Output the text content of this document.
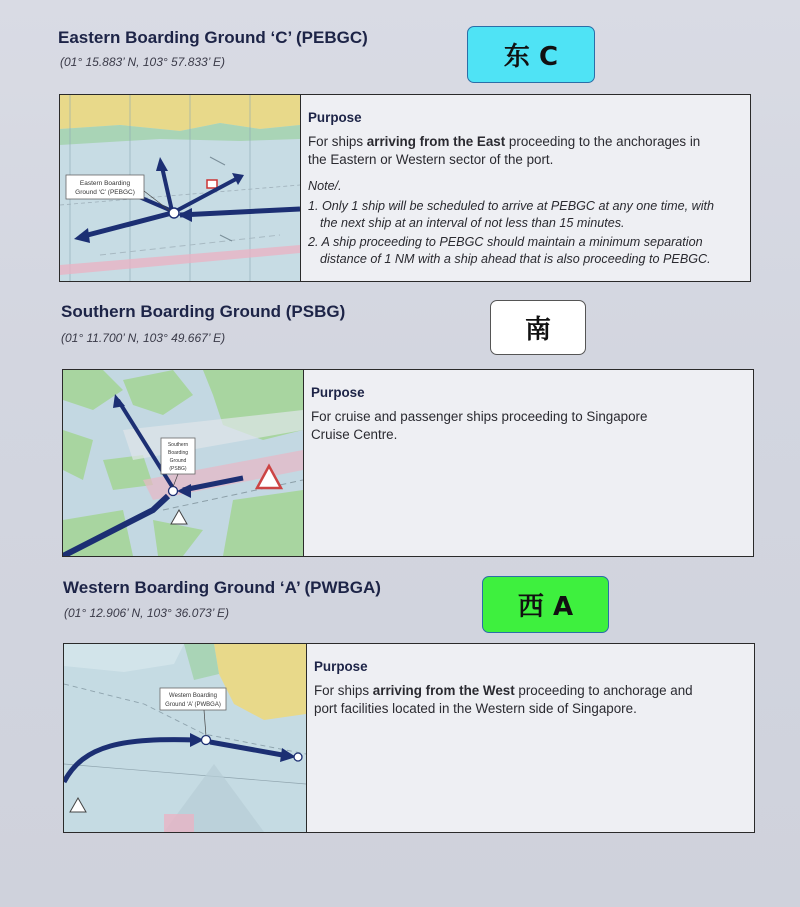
Eastern Boarding Ground ‘C’ (PEBGC)
(01° 15.883’ N, 103° 57.833’ E)	东 C
Eastern Boarding
Ground ‘C’ (PEBGC)
Purpose

For ships arriving from the East proceeding to the anchorages in

the Eastern or Western sector of the port.

Note/.

1. Only 1 ship will be scheduled to arrive at PEBGC at any one time, with
the next ship at an interval of not less than 15 minutes.

2. A ship proceeding to PEBGC should maintain a minimum separation
distance of 1 NM with a ship ahead that is also proceeding to PEBGC.

Southern Boarding Ground (PSBG)
(01° 11.700’ N, 103° 49.667’ E)	南
Southern
Boarding
Ground
(PSBG)
Purpose

For cruise and passenger ships proceeding to Singapore

Cruise Centre.

Western Boarding Ground ‘A’ (PWBGA)
(01° 12.906’ N, 103° 36.073’ E)	西 A
Western Boarding
Ground ‘A’ (PWBGA)
Purpose

For ships arriving from the West proceeding to anchorage and

port facilities located in the Western side of Singapore.
